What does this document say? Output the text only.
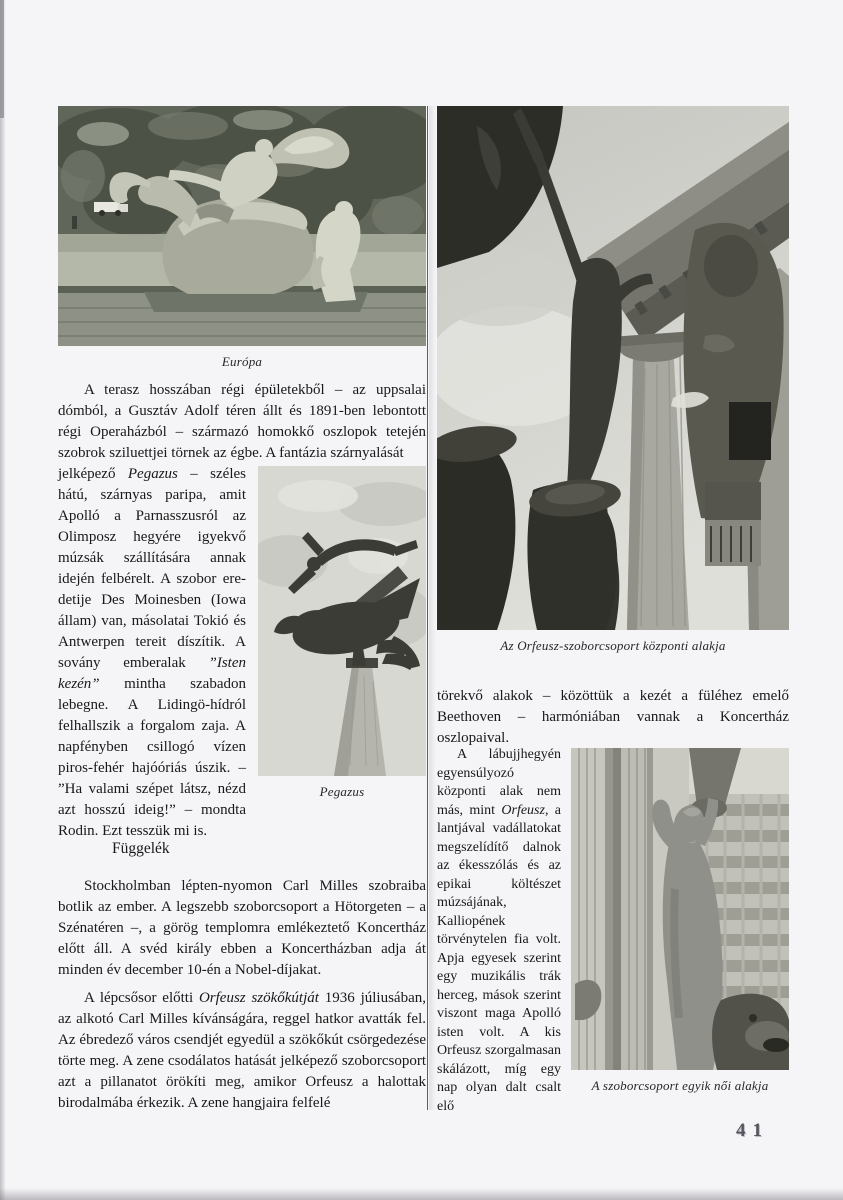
Európa
A terasz hosszában régi épületekből – az uppsalai dómból, a Gusztáv Adolf téren állt és 1891-ben lebontott régi Operaházból – származó homokkő oszlopok tetején szobrok sziluettjei törnek az égbe. A fantázia szárnyalását
Pegazus
jelképező Pegazus – széles hátú, szárnyas paripa, amit Apolló a Parnasszusról az Olimposz hegyére igyekvő múzsák szállítására annak idején felbérelt. A szobor ere-detije Des Moinesben (Iowa állam) van, másolatai Tokió és Antwerpen tereit díszítik. A sovány emberalak ”Isten kezén” mintha szabadon lebegne. A Lidingö-hídról felhallszik a forgalom zaja. A napfényben csillogó vízen piros-fehér hajóóriás úszik. – ”Ha valami szépet látsz, nézd azt hosszú ideig!” – mondta Rodin. Ezt tesszük mi is.
Függelék
Stockholmban lépten-nyomon Carl Milles szobraiba botlik az ember. A legszebb szoborcsoport a Hötorgeten – a Szénatéren –, a görög templomra emlékeztető Koncertház előtt áll. A svéd király ebben a Koncertházban adja át minden év december 10-én a Nobel-díjakat.
A lépcsősor előtti Orfeusz szökőkútját 1936 júliusában, az alkotó Carl Milles kívánságára, reggel hatkor avatták fel. Az ébredező város csendjét egyedül a szökőkút csörgedezése törte meg. A zene csodálatos hatását jelképező szoborcsoport azt a pillanatot örökíti meg, amikor Orfeusz a halottak birodalmába érkezik. A zene hangjaira felfelé
Az Orfeusz-szoborcsoport központi alakja
törekvő alakok – közöttük a kezét a füléhez emelő Beethoven – harmóniában vannak a Koncertház oszlopaival.
A szoborcsoport egyik női alakja
A lábujjhegyén egyensúlyozó központi alak nem más, mint Orfeusz, a lantjával vadállatokat megszelídítő dalnok az ékesszólás és az epikai költészet múzsájának, Kalliopének törvénytelen fia volt. Apja egyesek szerint egy muzikális trák herceg, mások szerint viszont maga Apolló isten volt. A kis Orfeusz szorgalmasan skálázott, míg egy nap olyan dalt csalt elő
41
